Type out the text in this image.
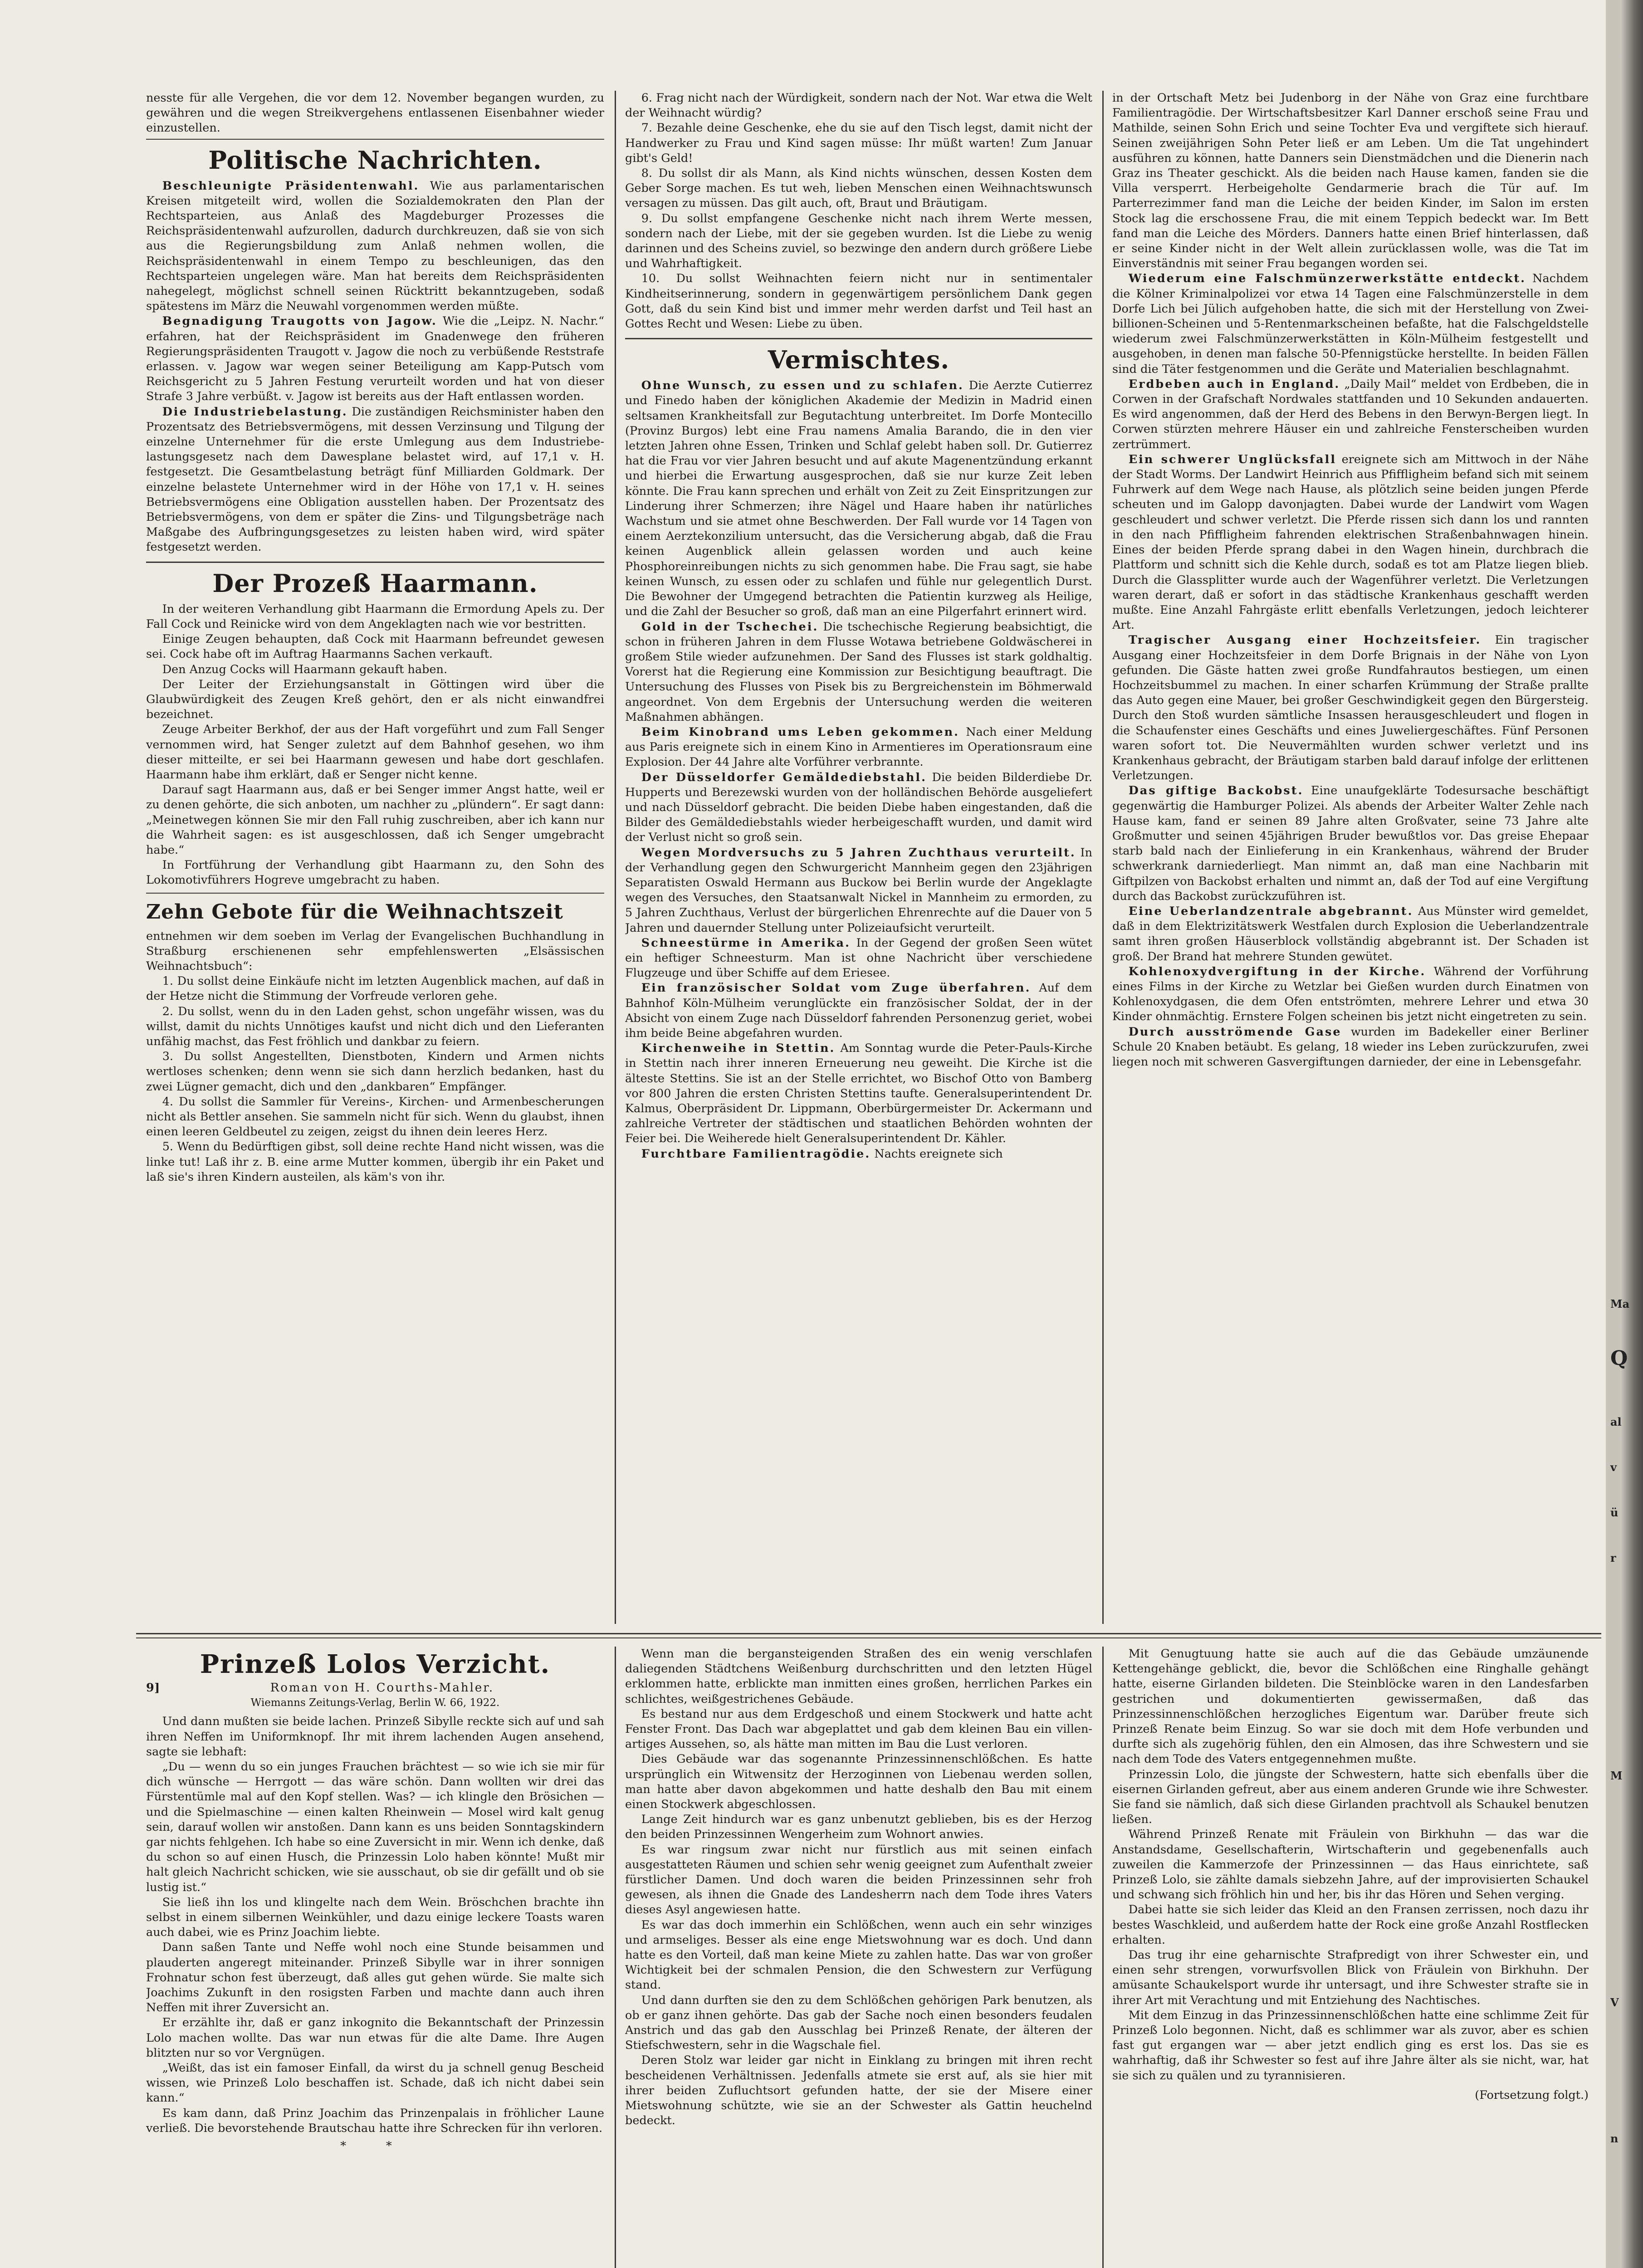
nesste für alle Vergehen, die vor dem 12. November begangen wurden, zu gewähren und die wegen Streikvergehens entlassenen Eisenbahner wieder einzustellen.

Politische Nachrichten.

Beschleunigte Präsidentenwahl. Wie aus parlamentarischen Kreisen mitgeteilt wird, wollen die Sozialdemokraten den Plan der Rechtsparteien, aus Anlaß des Magdeburger Prozesses die Reichspräsidentenwahl aufzurollen, dadurch durchkreuzen, daß sie von sich aus die Regierungsbildung zum Anlaß nehmen wollen, die Reichspräsidentenwahl in einem Tempo zu beschleunigen, das den Rechtsparteien ungelegen wäre. Man hat bereits dem Reichspräsidenten nahegelegt, möglichst schnell seinen Rücktritt bekanntzugeben, sodaß spätestens im März die Neuwahl vorgenommen werden müßte.

Begnadigung Traugotts von Jagow. Wie die „Leipz. N. Nachr.“ erfahren, hat der Reichspräsident im Gnadenwege den früheren Regierungspräsidenten Traugott v. Jagow die noch zu verbüßende Reststrafe erlassen. v. Jagow war wegen seiner Beteiligung am Kapp-Putsch vom Reichsgericht zu 5 Jahren Festung verurteilt worden und hat von dieser Strafe 3 Jahre verbüßt. v. Jagow ist bereits aus der Haft entlassen worden.

Die Industriebelastung. Die zuständigen Reichsminister haben den Prozentsatz des Betriebsvermögens, mit dessen Verzinsung und Tilgung der einzelne Unternehmer für die erste Umlegung aus dem Industriebelastungsgesetz nach dem Dawesplane belastet wird, auf 17,1 v. H. festgesetzt. Die Gesamtbelastung beträgt fünf Milliarden Goldmark. Der einzelne belastete Unternehmer wird in der Höhe von 17,1 v. H. seines Betriebsvermögens eine Obligation ausstellen haben. Der Prozentsatz des Betriebsvermögens, von dem er später die Zins- und Tilgungsbeträge nach Maßgabe des Aufbringungsgesetzes zu leisten haben wird, wird später festgesetzt werden.

Der Prozeß Haarmann.

In der weiteren Verhandlung gibt Haarmann die Ermordung Apels zu. Der Fall Cock und Reinicke wird von dem Angeklagten nach wie vor bestritten.

Einige Zeugen behaupten, daß Cock mit Haarmann befreundet gewesen sei. Cock habe oft im Auftrag Haarmanns Sachen verkauft.

Den Anzug Cocks will Haarmann gekauft haben.

Der Leiter der Erziehungsanstalt in Göttingen wird über die Glaubwürdigkeit des Zeugen Kreß gehört, den er als nicht einwandfrei bezeichnet.

Zeuge Arbeiter Berkhof, der aus der Haft vorgeführt und zum Fall Senger vernommen wird, hat Senger zuletzt auf dem Bahnhof gesehen, wo ihm dieser mitteilte, er sei bei Haarmann gewesen und habe dort geschlafen. Haarmann habe ihm erklärt, daß er Senger nicht kenne.

Darauf sagt Haarmann aus, daß er bei Senger immer Angst hatte, weil er zu denen gehörte, die sich anboten, um nachher zu „plündern“. Er sagt dann: „Meinetwegen können Sie mir den Fall ruhig zuschreiben, aber ich kann nur die Wahrheit sagen: es ist ausgeschlossen, daß ich Senger umgebracht habe.“

In Fortführung der Verhandlung gibt Haarmann zu, den Sohn des Lokomotivführers Hogreve umgebracht zu haben.

Zehn Gebote für die Weihnachtszeit

entnehmen wir dem soeben im Verlag der Evangelischen Buchhandlung in Straßburg erschienenen sehr empfehlenswerten „Elsässischen Weihnachtsbuch“:

1. Du sollst deine Einkäufe nicht im letzten Augenblick machen, auf daß in der Hetze nicht die Stimmung der Vorfreude verloren gehe.

2. Du sollst, wenn du in den Laden gehst, schon ungefähr wissen, was du willst, damit du nichts Unnötiges kaufst und nicht dich und den Lieferanten unfähig machst, das Fest fröhlich und dankbar zu feiern.

3. Du sollst Angestellten, Dienstboten, Kindern und Armen nichts wertloses schenken; denn wenn sie sich dann herzlich bedanken, hast du zwei Lügner gemacht, dich und den „dankbaren“ Empfänger.

4. Du sollst die Sammler für Vereins-, Kirchen- und Armenbescherungen nicht als Bettler ansehen. Sie sammeln nicht für sich. Wenn du glaubst, ihnen einen leeren Geldbeutel zu zeigen, zeigst du ihnen dein leeres Herz.

5. Wenn du Bedürftigen gibst, soll deine rechte Hand nicht wissen, was die linke tut! Laß ihr z. B. eine arme Mutter kommen, übergib ihr ein Paket und laß sie's ihren Kindern austeilen, als käm's von ihr.

6. Frag nicht nach der Würdigkeit, sondern nach der Not. War etwa die Welt der Weihnacht würdig?

7. Bezahle deine Geschenke, ehe du sie auf den Tisch legst, damit nicht der Handwerker zu Frau und Kind sagen müsse: Ihr müßt warten! Zum Januar gibt's Geld!

8. Du sollst dir als Mann, als Kind nichts wünschen, dessen Kosten dem Geber Sorge machen. Es tut weh, lieben Menschen einen Weihnachtswunsch versagen zu müssen. Das gilt auch, oft, Braut und Bräutigam.

9. Du sollst empfangene Geschenke nicht nach ihrem Werte messen, sondern nach der Liebe, mit der sie gegeben wurden. Ist die Liebe zu wenig darinnen und des Scheins zuviel, so bezwinge den andern durch größere Liebe und Wahrhaftigkeit.

10. Du sollst Weihnachten feiern nicht nur in sentimentaler Kindheitserinnerung, sondern in gegenwärtigem persönlichem Dank gegen Gott, daß du sein Kind bist und immer mehr werden darfst und Teil hast an Gottes Recht und Wesen: Liebe zu üben.

Vermischtes.

Ohne Wunsch, zu essen und zu schlafen. Die Aerzte Cutierrez und Finedo haben der königlichen Akademie der Medizin in Madrid einen seltsamen Krankheitsfall zur Begutachtung unterbreitet. Im Dorfe Montecillo (Provinz Burgos) lebt eine Frau namens Amalia Barando, die in den vier letzten Jahren ohne Essen, Trinken und Schlaf gelebt haben soll. Dr. Gutierrez hat die Frau vor vier Jahren besucht und auf akute Magenentzündung erkannt und hierbei die Erwartung ausgesprochen, daß sie nur kurze Zeit leben könnte. Die Frau kann sprechen und erhält von Zeit zu Zeit Einspritzungen zur Linderung ihrer Schmerzen; ihre Nägel und Haare haben ihr natürliches Wachstum und sie atmet ohne Beschwerden. Der Fall wurde vor 14 Tagen von einem Aerztekonzilium untersucht, das die Versicherung abgab, daß die Frau keinen Augenblick allein gelassen worden und auch keine Phosphoreinreibungen nichts zu sich genommen habe. Die Frau sagt, sie habe keinen Wunsch, zu essen oder zu schlafen und fühle nur gelegentlich Durst. Die Bewohner der Umgegend betrachten die Patientin kurzweg als Heilige, und die Zahl der Besucher so groß, daß man an eine Pilgerfahrt erinnert wird.

Gold in der Tschechei. Die tschechische Regierung beabsichtigt, die schon in früheren Jahren in dem Flusse Wotawa betriebene Goldwäscherei in großem Stile wieder aufzunehmen. Der Sand des Flusses ist stark goldhaltig. Vorerst hat die Regierung eine Kommission zur Besichtigung beauftragt. Die Untersuchung des Flusses von Pisek bis zu Bergreichenstein im Böhmerwald angeordnet. Von dem Ergebnis der Untersuchung werden die weiteren Maßnahmen abhängen.

Beim Kinobrand ums Leben gekommen. Nach einer Meldung aus Paris ereignete sich in einem Kino in Armentieres im Operationsraum eine Explosion. Der 44 Jahre alte Vorführer verbrannte.

Der Düsseldorfer Gemäldediebstahl. Die beiden Bilderdiebe Dr. Hupperts und Berezewski wurden von der holländischen Behörde ausgeliefert und nach Düsseldorf gebracht. Die beiden Diebe haben eingestanden, daß die Bilder des Gemäldediebstahls wieder herbeigeschafft wurden, und damit wird der Verlust nicht so groß sein.

Wegen Mordversuchs zu 5 Jahren Zuchthaus verurteilt. In der Verhandlung gegen den Schwurgericht Mannheim gegen den 23jährigen Separatisten Oswald Hermann aus Buckow bei Berlin wurde der Angeklagte wegen des Versuches, den Staatsanwalt Nickel in Mannheim zu ermorden, zu 5 Jahren Zuchthaus, Verlust der bürgerlichen Ehrenrechte auf die Dauer von 5 Jahren und dauernder Stellung unter Polizeiaufsicht verurteilt.

Schneestürme in Amerika. In der Gegend der großen Seen wütet ein heftiger Schneesturm. Man ist ohne Nachricht über verschiedene Flugzeuge und über Schiffe auf dem Eriesee.

Ein französischer Soldat vom Zuge überfahren. Auf dem Bahnhof Köln-Mülheim verunglückte ein französischer Soldat, der in der Absicht von einem Zuge nach Düsseldorf fahrenden Personenzug geriet, wobei ihm beide Beine abgefahren wurden.

Kirchenweihe in Stettin. Am Sonntag wurde die Peter-Pauls-Kirche in Stettin nach ihrer inneren Erneuerung neu geweiht. Die Kirche ist die älteste Stettins. Sie ist an der Stelle errichtet, wo Bischof Otto von Bamberg vor 800 Jahren die ersten Christen Stettins taufte. Generalsuperintendent Dr. Kalmus, Oberpräsident Dr. Lippmann, Oberbürgermeister Dr. Ackermann und zahlreiche Vertreter der städtischen und staatlichen Behörden wohnten der Feier bei. Die Weiherede hielt Generalsuperintendent Dr. Kähler.

Furchtbare Familientragödie. Nachts ereignete sich

in der Ortschaft Metz bei Judenborg in der Nähe von Graz eine furchtbare Familientragödie. Der Wirtschaftsbesitzer Karl Danner erschoß seine Frau und Mathilde, seinen Sohn Erich und seine Tochter Eva und vergiftete sich hierauf. Seinen zweijährigen Sohn Peter ließ er am Leben. Um die Tat ungehindert ausführen zu können, hatte Danners sein Dienstmädchen und die Dienerin nach Graz ins Theater geschickt. Als die beiden nach Hause kamen, fanden sie die Villa versperrt. Herbeigeholte Gendarmerie brach die Tür auf. Im Parterrezimmer fand man die Leiche der beiden Kinder, im Salon im ersten Stock lag die erschossene Frau, die mit einem Teppich bedeckt war. Im Bett fand man die Leiche des Mörders. Danners hatte einen Brief hinterlassen, daß er seine Kinder nicht in der Welt allein zurücklassen wolle, was die Tat im Einverständnis mit seiner Frau begangen worden sei.

Wiederum eine Falschmünzerwerkstätte entdeckt. Nachdem die Kölner Kriminalpolizei vor etwa 14 Tagen eine Falschmünzerstelle in dem Dorfe Lich bei Jülich aufgehoben hatte, die sich mit der Herstellung von Zweibillionen-Scheinen und 5-Rentenmarkscheinen befaßte, hat die Falschgeldstelle wiederum zwei Falschmünzerwerkstätten in Köln-Mülheim festgestellt und ausgehoben, in denen man falsche 50-Pfennigstücke herstellte. In beiden Fällen sind die Täter festgenommen und die Geräte und Materialien beschlagnahmt.

Erdbeben auch in England. „Daily Mail“ meldet von Erdbeben, die in Corwen in der Grafschaft Nordwales stattfanden und 10 Sekunden andauerten. Es wird angenommen, daß der Herd des Bebens in den Berwyn-Bergen liegt. In Corwen stürzten mehrere Häuser ein und zahlreiche Fensterscheiben wurden zertrümmert.

Ein schwerer Unglücksfall ereignete sich am Mittwoch in der Nähe der Stadt Worms. Der Landwirt Heinrich aus Pfiffligheim befand sich mit seinem Fuhrwerk auf dem Wege nach Hause, als plötzlich seine beiden jungen Pferde scheuten und im Galopp davonjagten. Dabei wurde der Landwirt vom Wagen geschleudert und schwer verletzt. Die Pferde rissen sich dann los und rannten in den nach Pfiffligheim fahrenden elektrischen Straßenbahnwagen hinein. Eines der beiden Pferde sprang dabei in den Wagen hinein, durchbrach die Plattform und schnitt sich die Kehle durch, sodaß es tot am Platze liegen blieb. Durch die Glassplitter wurde auch der Wagenführer verletzt. Die Verletzungen waren derart, daß er sofort in das städtische Krankenhaus geschafft werden mußte. Eine Anzahl Fahrgäste erlitt ebenfalls Verletzungen, jedoch leichterer Art.

Tragischer Ausgang einer Hochzeitsfeier. Ein tragischer Ausgang einer Hochzeitsfeier in dem Dorfe Brignais in der Nähe von Lyon gefunden. Die Gäste hatten zwei große Rundfahrautos bestiegen, um einen Hochzeitsbummel zu machen. In einer scharfen Krümmung der Straße prallte das Auto gegen eine Mauer, bei großer Geschwindigkeit gegen den Bürgersteig. Durch den Stoß wurden sämtliche Insassen herausgeschleudert und flogen in die Schaufenster eines Geschäfts und eines Juweliergeschäftes. Fünf Personen waren sofort tot. Die Neuvermählten wurden schwer verletzt und ins Krankenhaus gebracht, der Bräutigam starben bald darauf infolge der erlittenen Verletzungen.

Das giftige Backobst. Eine unaufgeklärte Todesursache beschäftigt gegenwärtig die Hamburger Polizei. Als abends der Arbeiter Walter Zehle nach Hause kam, fand er seinen 89 Jahre alten Großvater, seine 73 Jahre alte Großmutter und seinen 45jährigen Bruder bewußtlos vor. Das greise Ehepaar starb bald nach der Einlieferung in ein Krankenhaus, während der Bruder schwerkrank darniederliegt. Man nimmt an, daß man eine Nachbarin mit Giftpilzen von Backobst erhalten und nimmt an, daß der Tod auf eine Vergiftung durch das Backobst zurückzuführen ist.

Eine Ueberlandzentrale abgebrannt. Aus Münster wird gemeldet, daß in dem Elektrizitätswerk Westfalen durch Explosion die Ueberlandzentrale samt ihren großen Häuserblock vollständig abgebrannt ist. Der Schaden ist groß. Der Brand hat mehrere Stunden gewütet.

Kohlenoxydvergiftung in der Kirche. Während der Vorführung eines Films in der Kirche zu Wetzlar bei Gießen wurden durch Einatmen von Kohlenoxydgasen, die dem Ofen entströmten, mehrere Lehrer und etwa 30 Kinder ohnmächtig. Ernstere Folgen scheinen bis jetzt nicht eingetreten zu sein.

Durch ausströmende Gase wurden im Badekeller einer Berliner Schule 20 Knaben betäubt. Es gelang, 18 wieder ins Leben zurückzurufen, zwei liegen noch mit schweren Gasvergiftungen darnieder, der eine in Lebensgefahr.

Prinzeß Lolos Verzicht.
9]	Roman von H. Courths-Mahler.

Wiemanns Zeitungs-Verlag, Berlin W. 66, 1922.

Und dann mußten sie beide lachen. Prinzeß Sibylle reckte sich auf und sah ihren Neffen im Uniformknopf. Ihr mit ihrem lachenden Augen ansehend, sagte sie lebhaft:

„Du — wenn du so ein junges Frauchen brächtest — so wie ich sie mir für dich wünsche — Herrgott — das wäre schön. Dann wollten wir drei das Fürstentümle mal auf den Kopf stellen. Was? — ich klingle den Brösichen — und die Spielmaschine — einen kalten Rheinwein — Mosel wird kalt genug sein, darauf wollen wir anstoßen. Dann kann es uns beiden Sonntagskindern gar nichts fehlgehen. Ich habe so eine Zuversicht in mir. Wenn ich denke, daß du schon so auf einen Husch, die Prinzessin Lolo haben könnte! Mußt mir halt gleich Nachricht schicken, wie sie ausschaut, ob sie dir gefällt und ob sie lustig ist.“

Sie ließ ihn los und klingelte nach dem Wein. Bröschchen brachte ihn selbst in einem silbernen Weinkühler, und dazu einige leckere Toasts waren auch dabei, wie es Prinz Joachim liebte.

Dann saßen Tante und Neffe wohl noch eine Stunde beisammen und plauderten angeregt miteinander. Prinzeß Sibylle war in ihrer sonnigen Frohnatur schon fest überzeugt, daß alles gut gehen würde. Sie malte sich Joachims Zukunft in den rosigsten Farben und machte dann auch ihren Neffen mit ihrer Zuversicht an.

Er erzählte ihr, daß er ganz inkognito die Bekanntschaft der Prinzessin Lolo machen wollte. Das war nun etwas für die alte Dame. Ihre Augen blitzten nur so vor Vergnügen.

„Weißt, das ist ein famoser Einfall, da wirst du ja schnell genug Bescheid wissen, wie Prinzeß Lolo beschaffen ist. Schade, daß ich nicht dabei sein kann.“

Es kam dann, daß Prinz Joachim das Prinzenpalais in fröhlicher Laune verließ. Die bevorstehende Brautschau hatte ihre Schrecken für ihn verloren.

* *

Wenn man die bergansteigenden Straßen des ein wenig verschlafen daliegenden Städtchens Weißenburg durchschritten und den letzten Hügel erklommen hatte, erblickte man inmitten eines großen, herrlichen Parkes ein schlichtes, weißgestrichenes Gebäude.

Es bestand nur aus dem Erdgeschoß und einem Stockwerk und hatte acht Fenster Front. Das Dach war abgeplattet und gab dem kleinen Bau ein villenartiges Aussehen, so, als hätte man mitten im Bau die Lust verloren.

Dies Gebäude war das sogenannte Prinzessinnenschlößchen. Es hatte ursprünglich ein Witwensitz der Herzoginnen von Liebenau werden sollen, man hatte aber davon abgekommen und hatte deshalb den Bau mit einem einen Stockwerk abgeschlossen.

Lange Zeit hindurch war es ganz unbenutzt geblieben, bis es der Herzog den beiden Prinzessinnen Wengerheim zum Wohnort anwies.

Es war ringsum zwar nicht nur fürstlich aus mit seinen einfach ausgestatteten Räumen und schien sehr wenig geeignet zum Aufenthalt zweier fürstlicher Damen. Und doch waren die beiden Prinzessinnen sehr froh gewesen, als ihnen die Gnade des Landesherrn nach dem Tode ihres Vaters dieses Asyl angewiesen hatte.

Es war das doch immerhin ein Schlößchen, wenn auch ein sehr winziges und armseliges. Besser als eine enge Mietswohnung war es doch. Und dann hatte es den Vorteil, daß man keine Miete zu zahlen hatte. Das war von großer Wichtigkeit bei der schmalen Pension, die den Schwestern zur Verfügung stand.

Und dann durften sie den zu dem Schlößchen gehörigen Park benutzen, als ob er ganz ihnen gehörte. Das gab der Sache noch einen besonders feudalen Anstrich und das gab den Ausschlag bei Prinzeß Renate, der älteren der Stiefschwestern, sehr in die Wagschale fiel.

Deren Stolz war leider gar nicht in Einklang zu bringen mit ihren recht bescheidenen Verhältnissen. Jedenfalls atmete sie erst auf, als sie hier mit ihrer beiden Zufluchtsort gefunden hatte, der sie der Misere einer Mietswohnung schützte, wie sie an der Schwester als Gattin heuchelnd bedeckt.

Mit Genugtuung hatte sie auch auf die das Gebäude umzäunende Kettengehänge geblickt, die, bevor die Schlößchen eine Ringhalle gehängt hatte, eiserne Girlanden bildeten. Die Steinblöcke waren in den Landesfarben gestrichen und dokumentierten gewissermaßen, daß das Prinzessinnenschlößchen herzogliches Eigentum war. Darüber freute sich Prinzeß Renate beim Einzug. So war sie doch mit dem Hofe verbunden und durfte sich als zugehörig fühlen, den ein Almosen, das ihre Schwestern und sie nach dem Tode des Vaters entgegennehmen mußte.

Prinzessin Lolo, die jüngste der Schwestern, hatte sich ebenfalls über die eisernen Girlanden gefreut, aber aus einem anderen Grunde wie ihre Schwester. Sie fand sie nämlich, daß sich diese Girlanden prachtvoll als Schaukel benutzen ließen.

Während Prinzeß Renate mit Fräulein von Birkhuhn — das war die Anstandsdame, Gesellschafterin, Wirtschafterin und gegebenenfalls auch zuweilen die Kammerzofe der Prinzessinnen — das Haus einrichtete, saß Prinzeß Lolo, sie zählte damals siebzehn Jahre, auf der improvisierten Schaukel und schwang sich fröhlich hin und her, bis ihr das Hören und Sehen verging.

Dabei hatte sie sich leider das Kleid an den Fransen zerrissen, noch dazu ihr bestes Waschkleid, und außerdem hatte der Rock eine große Anzahl Rostflecken erhalten.

Das trug ihr eine geharnischte Strafpredigt von ihrer Schwester ein, und einen sehr strengen, vorwurfsvollen Blick von Fräulein von Birkhuhn. Der amüsante Schaukelsport wurde ihr untersagt, und ihre Schwester strafte sie in ihrer Art mit Verachtung und mit Entziehung des Nachtisches.

Mit dem Einzug in das Prinzessinnenschlößchen hatte eine schlimme Zeit für Prinzeß Lolo begonnen. Nicht, daß es schlimmer war als zuvor, aber es schien fast gut ergangen war — aber jetzt endlich ging es erst los. Das sie es wahrhaftig, daß ihr Schwester so fest auf ihre Jahre älter als sie nicht, war, hat sie sich zu quälen und zu tyrannisieren.

(Fortsetzung folgt.)

Ma
Q
al
v
ü
r
M
V
n
